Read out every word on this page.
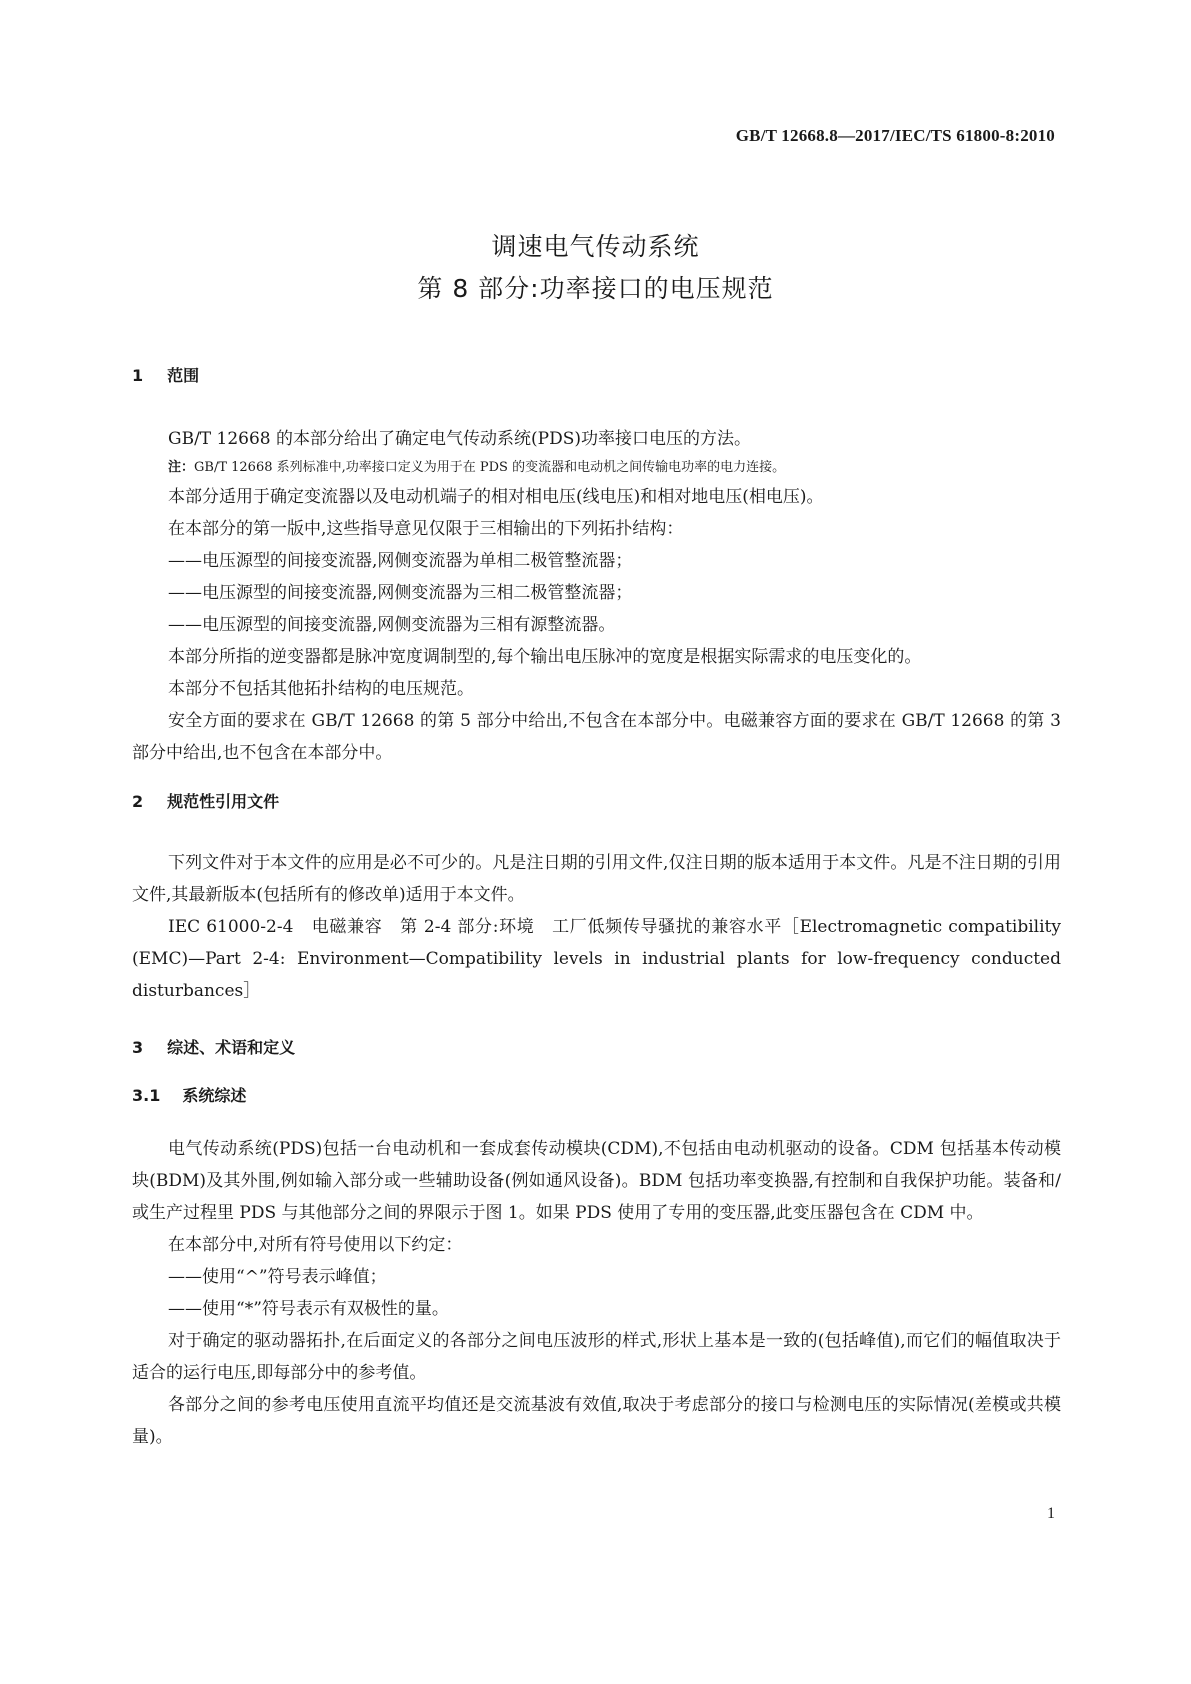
GB/T 12668.8—2017/IEC/TS 61800-8:2010
调速电气传动系统
第 8 部分:功率接口的电压规范
1 范围

GB/T 12668 的本部分给出了确定电气传动系统(PDS)功率接口电压的方法。

注：GB/T 12668 系列标准中,功率接口定义为用于在 PDS 的变流器和电动机之间传输电功率的电力连接。

本部分适用于确定变流器以及电动机端子的相对相电压(线电压)和相对地电压(相电压)。

在本部分的第一版中,这些指导意见仅限于三相输出的下列拓扑结构：

——电压源型的间接变流器,网侧变流器为单相二极管整流器；

——电压源型的间接变流器,网侧变流器为三相二极管整流器；

——电压源型的间接变流器,网侧变流器为三相有源整流器。

本部分所指的逆变器都是脉冲宽度调制型的,每个输出电压脉冲的宽度是根据实际需求的电压变化的。

本部分不包括其他拓扑结构的电压规范。

安全方面的要求在 GB/T 12668 的第 5 部分中给出,不包含在本部分中。电磁兼容方面的要求在 GB/T 12668 的第 3 部分中给出,也不包含在本部分中。

2 规范性引用文件

下列文件对于本文件的应用是必不可少的。凡是注日期的引用文件,仅注日期的版本适用于本文件。凡是不注日期的引用文件,其最新版本(包括所有的修改单)适用于本文件。

IEC 61000-2-4　电磁兼容　第 2-4 部分:环境　工厂低频传导骚扰的兼容水平［Electromagnetic compatibility (EMC)—Part 2-4: Environment—Compatibility levels in industrial plants for low-frequency conducted disturbances］

3 综述、术语和定义
3.1 系统综述

电气传动系统(PDS)包括一台电动机和一套成套传动模块(CDM),不包括由电动机驱动的设备。CDM 包括基本传动模块(BDM)及其外围,例如输入部分或一些辅助设备(例如通风设备)。BDM 包括功率变换器,有控制和自我保护功能。装备和/或生产过程里 PDS 与其他部分之间的界限示于图 1。如果 PDS 使用了专用的变压器,此变压器包含在 CDM 中。

在本部分中,对所有符号使用以下约定：

——使用“^”符号表示峰值；

——使用“*”符号表示有双极性的量。

对于确定的驱动器拓扑,在后面定义的各部分之间电压波形的样式,形状上基本是一致的(包括峰值),而它们的幅值取决于适合的运行电压,即每部分中的参考值。

各部分之间的参考电压使用直流平均值还是交流基波有效值,取决于考虑部分的接口与检测电压的实际情况(差模或共模量)。

1
